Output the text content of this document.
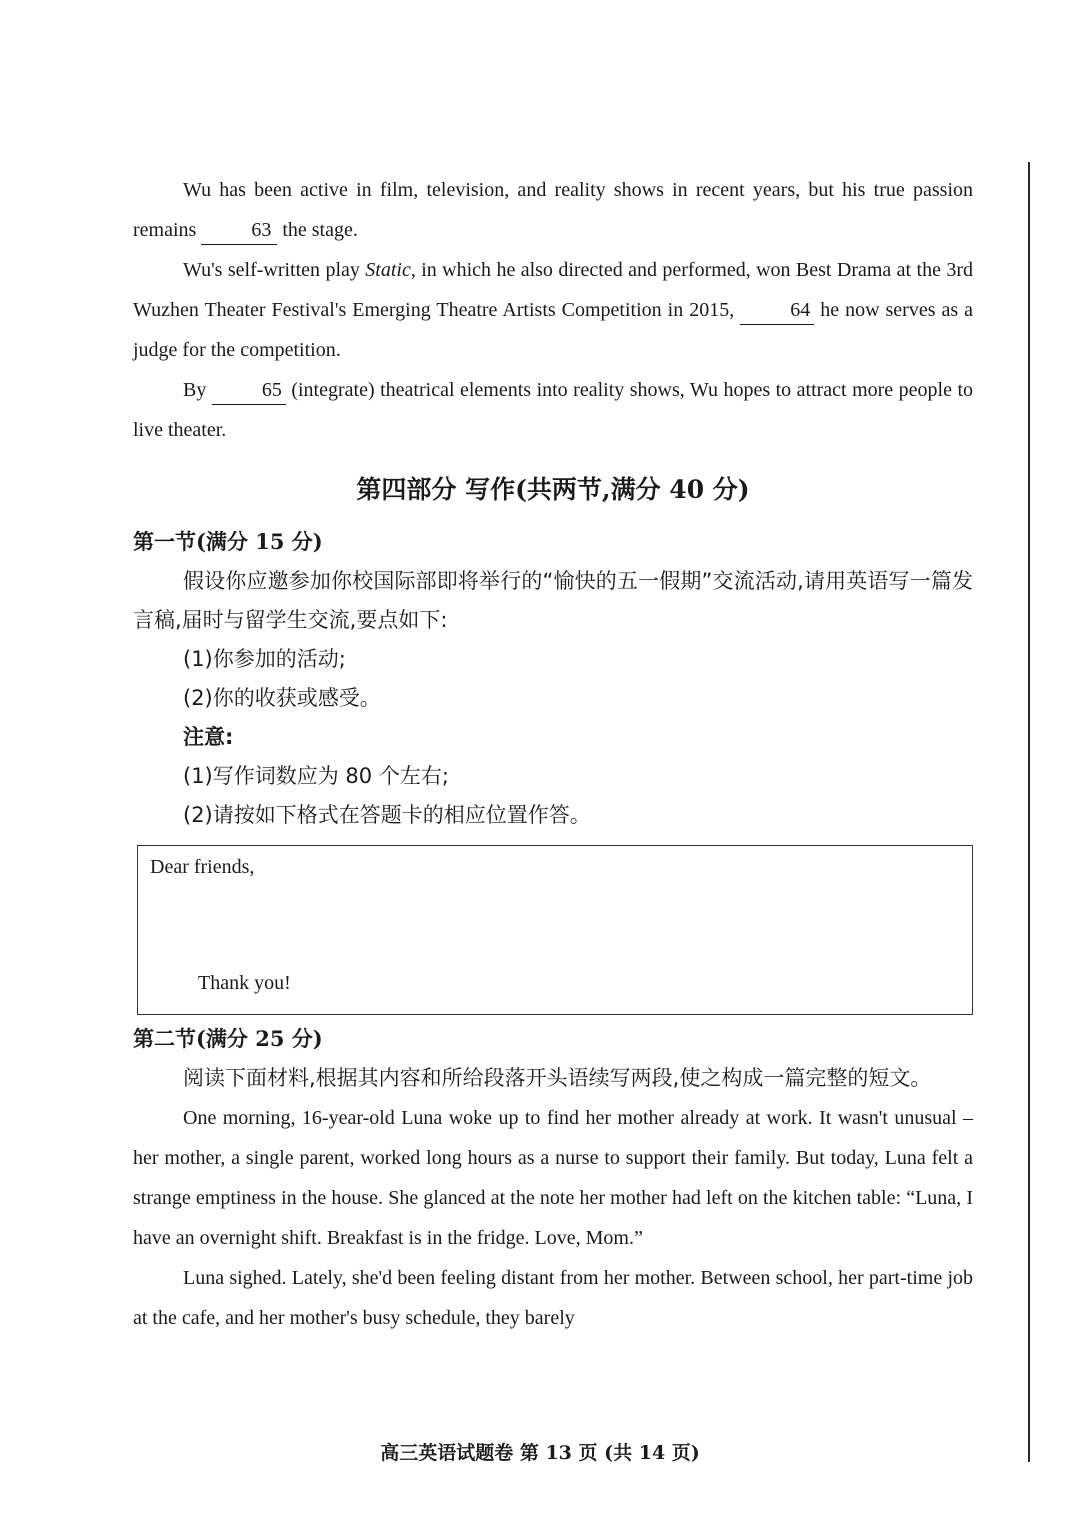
Wu has been active in film, television, and reality shows in recent years, but his true passion remains	63 the stage.

Wu's self-written play Static, in which he also directed and performed, won Best Drama at the 3rd Wuzhen Theater Festival's Emerging Theatre Artists Competition in 2015,	64 he now serves as a judge for the competition.

By	65 (integrate) theatrical elements into reality shows, Wu hopes to attract more people to live theater.

第四部分 写作(共两节,满分 40 分)
第一节(满分 15 分)

假设你应邀参加你校国际部即将举行的“愉快的五一假期”交流活动,请用英语写一篇发言稿,届时与留学生交流,要点如下:

(1)你参加的活动;

(2)你的收获或感受。

注意:

(1)写作词数应为 80 个左右;

(2)请按如下格式在答题卡的相应位置作答。

Dear friends,
Thank you!
第二节(满分 25 分)

阅读下面材料,根据其内容和所给段落开头语续写两段,使之构成一篇完整的短文。

One morning, 16-year-old Luna woke up to find her mother already at work. It wasn't unusual – her mother, a single parent, worked long hours as a nurse to support their family. But today, Luna felt a strange emptiness in the house. She glanced at the note her mother had left on the kitchen table: “Luna, I have an overnight shift. Breakfast is in the fridge. Love, Mom.”

Luna sighed. Lately, she'd been feeling distant from her mother. Between school, her part-time job at the cafe, and her mother's busy schedule, they barely

高三英语试题卷 第 13 页 (共 14 页)
